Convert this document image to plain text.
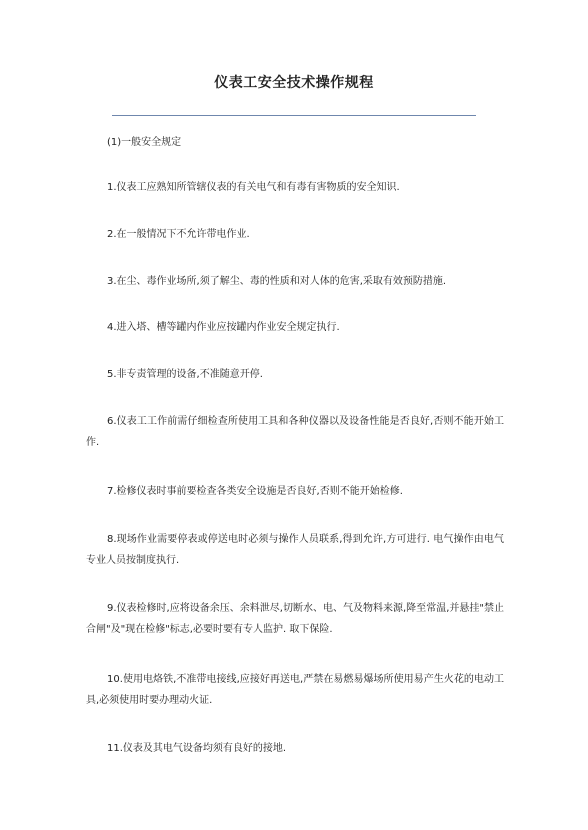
仪表工安全技术操作规程

(1)一般安全规定

1.仪表工应熟知所管辖仪表的有关电气和有毒有害物质的安全知识.

2.在一般情况下不允许带电作业.

3.在尘、毒作业场所,须了解尘、毒的性质和对人体的危害,采取有效预防措施.

4.进入塔、槽等罐内作业应按罐内作业安全规定执行.

5.非专责管理的设备,不准随意开停.

6.仪表工工作前需仔细检查所使用工具和各种仪器以及设备性能是否良好,否则不能开始工作.

7.检修仪表时事前要检查各类安全设施是否良好,否则不能开始检修.

8.现场作业需要停表或停送电时必须与操作人员联系,得到允许,方可进行. 电气操作由电气专业人员按制度执行.

9.仪表检修时,应将设备余压、余料泄尽,切断水、电、气及物料来源,降至常温,并悬挂"禁止合闸"及"现在检修"标志,必要时要有专人监护. 取下保险.

10.使用电烙铁,不准带电接线,应接好再送电,严禁在易燃易爆场所使用易产生火花的电动工具,必须使用时要办理动火证.

11.仪表及其电气设备均须有良好的接地.
